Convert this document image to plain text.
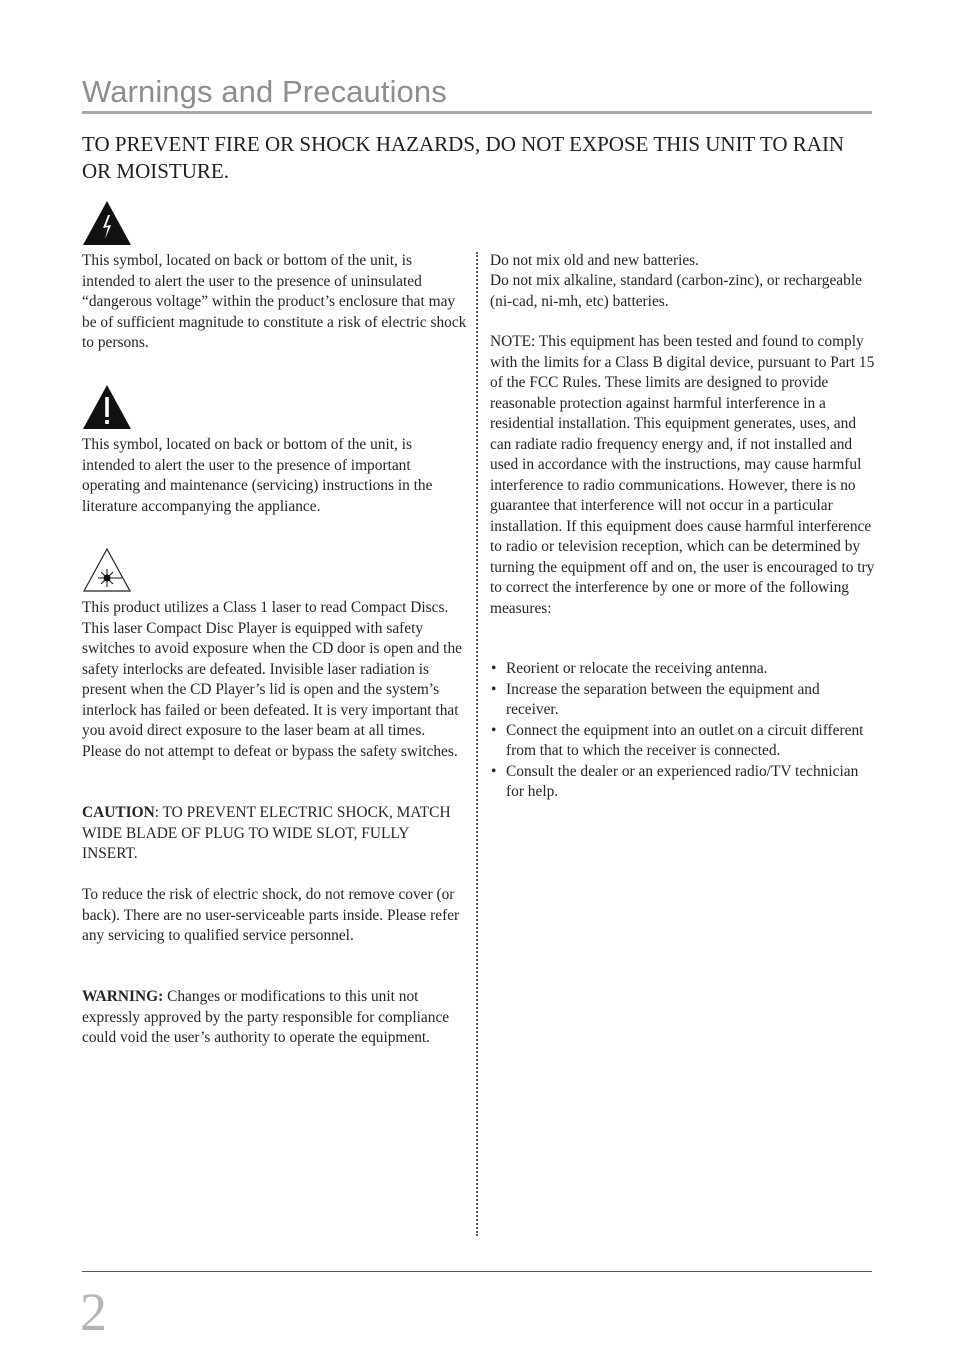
Warnings and Precautions
TO PREVENT FIRE OR SHOCK HAZARDS, DO NOT EXPOSE THIS UNIT TO RAIN OR MOISTURE.

This symbol, located on back or bottom of the unit, is intended to alert the user to the presence of uninsulated “dangerous voltage” within the product’s enclosure that may be of sufficient magnitude to constitute a risk of electric shock to persons.

This symbol, located on back or bottom of the unit, is intended to alert the user to the presence of important operating and maintenance (servicing) instructions in the literature accompanying the appliance.

This product utilizes a Class 1 laser to read Compact Discs. This laser Compact Disc Player is equipped with safety switches to avoid exposure when the CD door is open and the safety interlocks are defeated. Invisible laser radiation is present when the CD Player’s lid is open and the system’s interlock has failed or been defeated. It is very important that you avoid direct exposure to the laser beam at all times. Please do not attempt to defeat or bypass the safety switches.

CAUTION: TO PREVENT ELECTRIC SHOCK, MATCH WIDE BLADE OF PLUG TO WIDE SLOT, FULLY INSERT.

To reduce the risk of electric shock, do not remove cover (or back). There are no user-serviceable parts inside. Please refer any servicing to qualified service personnel.

WARNING: Changes or modifications to this unit not expressly approved by the party responsible for compliance could void the user’s authority to operate the equipment.

Do not mix old and new batteries.

Do not mix alkaline, standard (carbon-zinc), or rechargeable (ni-cad, ni-mh, etc) batteries.

NOTE: This equipment has been tested and found to comply with the limits for a Class B digital device, pursuant to Part 15 of the FCC Rules. These limits are designed to provide reasonable protection against harmful interference in a residential installation. This equipment generates, uses, and can radiate radio frequency energy and, if not installed and used in accordance with the instructions, may cause harmful interference to radio communications. However, there is no guarantee that interference will not occur in a particular installation. If this equipment does cause harmful interference to radio or television reception, which can be determined by turning the equipment off and on, the user is encouraged to try to correct the interference by one or more of the following measures:

• Reorient or relocate the receiving antenna.
• Increase the separation between the equipment and receiver.
• Connect the equipment into an outlet on a circuit different from that to which the receiver is connected.
• Consult the dealer or an experienced radio/TV technician for help.

2
